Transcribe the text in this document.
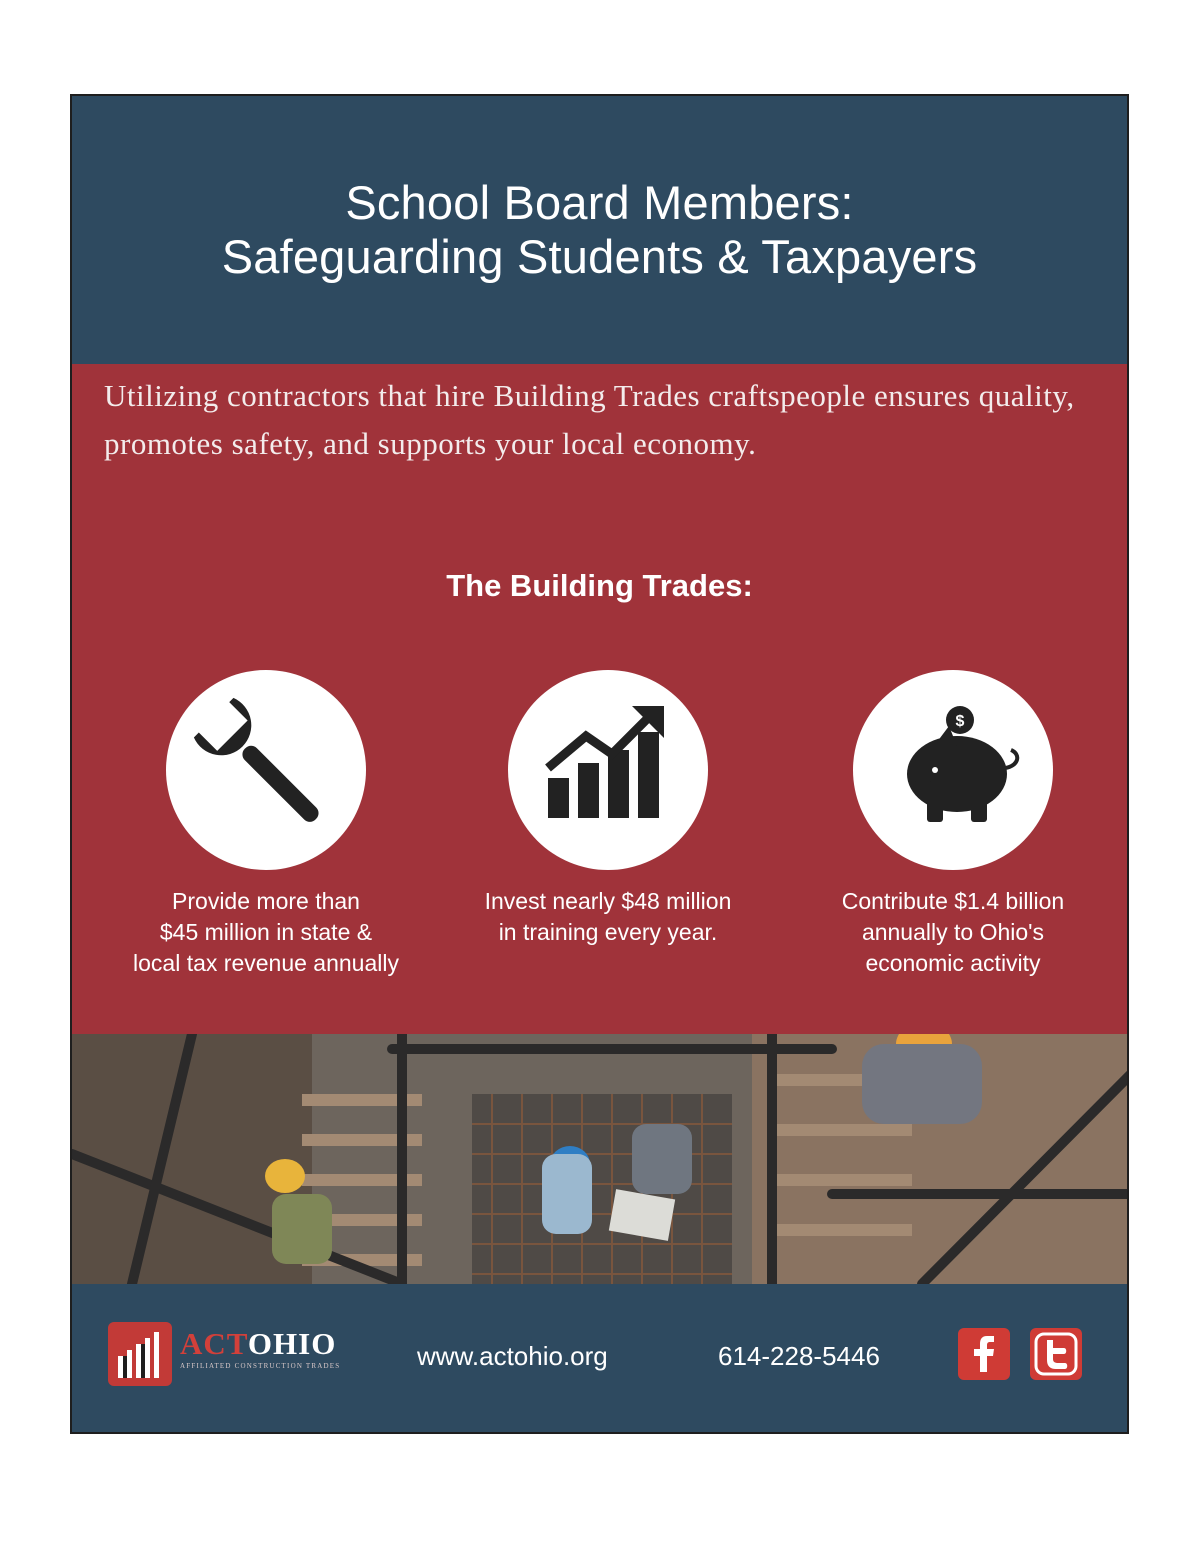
School Board Members:
Safeguarding Students & Taxpayers
Utilizing contractors that hire Building Trades craftspeople ensures quality, promotes safety, and supports your local economy.
The Building Trades:
Provide more than
$45 million in state &
local tax revenue annually
Invest nearly $48 million
in training every year.
$
Contribute $1.4 billion
annually to Ohio's
economic activity
ACTOHIO
AFFILIATED CONSTRUCTION TRADES	www.actohio.org	614-228-5446
